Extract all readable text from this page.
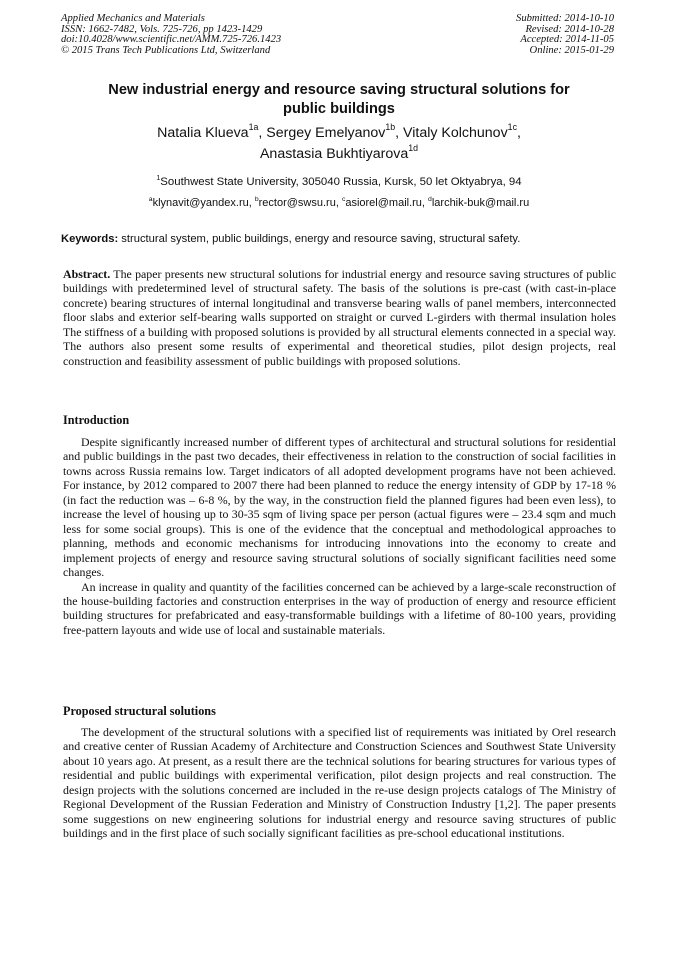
Applied Mechanics and Materials
ISSN: 1662-7482, Vols. 725-726, pp 1423-1429
doi:10.4028/www.scientific.net/AMM.725-726.1423
© 2015 Trans Tech Publications Ltd, Switzerland
Submitted: 2014-10-10
Revised: 2014-10-28
Accepted: 2014-11-05
Online: 2015-01-29
New industrial energy and resource saving structural solutions for
public buildings
Natalia Klueva$^{1a}$, Sergey Emelyanov$^{1b}$, Vitaly Kolchunov$^{1c}$,
Anastasia Bukhtiyarova$^{1d}$
$^1$Southwest State University, 305040 Russia, Kursk, 50 let Oktyabrya, 94
$^a$klynavit@yandex.ru, $^b$rector@swsu.ru, $^c$asiorel@mail.ru, $^d$larchik-buk@mail.ru
Keywords: structural system, public buildings, energy and resource saving, structural safety.

Abstract. The paper presents new structural solutions for industrial energy and resource saving structures of public buildings with predetermined level of structural safety. The basis of the solutions is pre-cast (with cast-in-place concrete) bearing structures of internal longitudinal and transverse bearing walls of panel members, interconnected floor slabs and exterior self-bearing walls supported on straight or curved L-girders with thermal insulation holes The stiffness of a building with proposed solutions is provided by all structural elements connected in a special way. The authors also present some results of experimental and theoretical studies, pilot design projects, real construction and feasibility assessment of public buildings with proposed solutions.

Introduction

Despite significantly increased number of different types of architectural and structural solutions for residential and public buildings in the past two decades, their effectiveness in relation to the construction of social facilities in towns across Russia remains low. Target indicators of all adopted development programs have not been achieved. For instance, by 2012 compared to 2007 there had been planned to reduce the energy intensity of GDP by 17-18 % (in fact the reduction was – 6-8 %, by the way, in the construction field the planned figures had been even less), to increase the level of housing up to 30-35 sqm of living space per person (actual figures were – 23.4 sqm and much less for some social groups). This is one of the evidence that the conceptual and methodological approaches to planning, methods and economic mechanisms for introducing innovations into the economy to create and implement projects of energy and resource saving structural solutions of socially significant facilities need some changes.

An increase in quality and quantity of the facilities concerned can be achieved by a large-scale reconstruction of the house-building factories and construction enterprises in the way of production of energy and resource efficient building structures for prefabricated and easy-transformable buildings with a lifetime of 80-100 years, providing free-pattern layouts and wide use of local and sustainable materials.

Proposed structural solutions

The development of the structural solutions with a specified list of requirements was initiated by Orel research and creative center of Russian Academy of Architecture and Construction Sciences and Southwest State University about 10 years ago. At present, as a result there are the technical solutions for bearing structures for various types of residential and public buildings with experimental verification, pilot design projects and real construction. The design projects with the solutions concerned are included in the re-use design projects catalogs of The Ministry of Regional Development of the Russian Federation and Ministry of Construction Industry [1,2]. The paper presents some suggestions on new engineering solutions for industrial energy and resource saving structures of public buildings and in the first place of such socially significant facilities as pre-school educational institutions.
